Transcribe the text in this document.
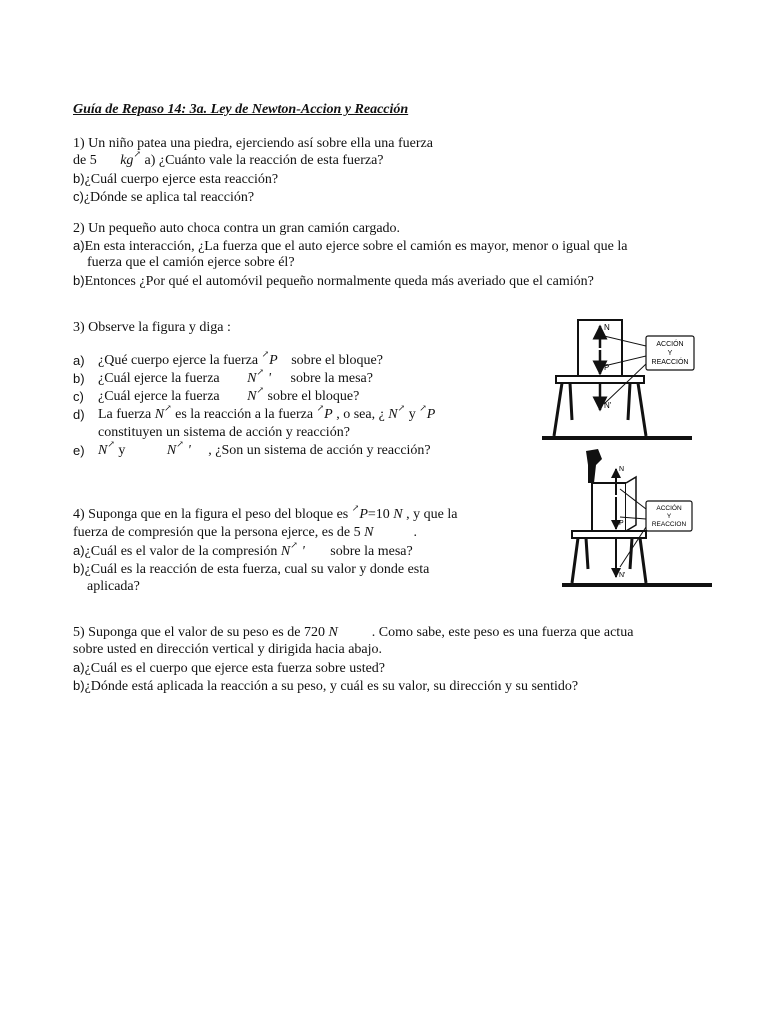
Guía de Repaso 14: 3a. Ley de Newton-Accion y Reacción
1) Un niño patea una piedra, ejerciendo así sobre ella una fuerza
de 5 kg↗ a) ¿Cuánto vale la reacción de esta fuerza?
b)¿Cuál cuerpo ejerce esta reacción?
c)¿Dónde se aplica tal reacción?
2) Un pequeño auto choca contra un gran camión cargado.
a)En esta interacción, ¿La fuerza que el auto ejerce sobre el camión es mayor, menor o igual que la
fuerza que el camión ejerce sobre él?
b)Entonces ¿Por qué el automóvil pequeño normalmente queda más averiado que el camión?
3) Observe la figura y diga :
a) ¿Qué cuerpo ejerce la fuerza ↗P sobre el bloque?
b) ¿Cuál ejerce la fuerza N↗ ' sobre la mesa?
c) ¿Cuál ejerce la fuerza N↗ sobre el bloque?
d) La fuerza N↗ es la reacción a la fuerza ↗P , o sea, ¿ N↗ y ↗P
constituyen un sistema de acción y reacción?
e) N↗ y	N↗ ' , ¿Son un sistema de acción y reacción?
4) Suponga que en la figura el peso del bloque es ↗P=10 N , y que la
fuerza de compresión que la persona ejerce, es de 5 N	.
a)¿Cuál es el valor de la compresión N↗ ' sobre la mesa?
b)¿Cuál es la reacción de esta fuerza, cual su valor y donde esta
aplicada?
5) Suponga que el valor de su peso es de 720 N . Como sabe, este peso es una fuerza que actua
sobre usted en dirección vertical y dirigida hacia abajo.
a)¿Cuál es el cuerpo que ejerce esta fuerza sobre usted?
b)¿Dónde está aplicada la reacción a su peso, y cuál es su valor, su dirección y su sentido?
N
P
N'
ACCIÓN
Y
REACCIÓN
N
P
N'
ACCIÓN
Y
REACCION
